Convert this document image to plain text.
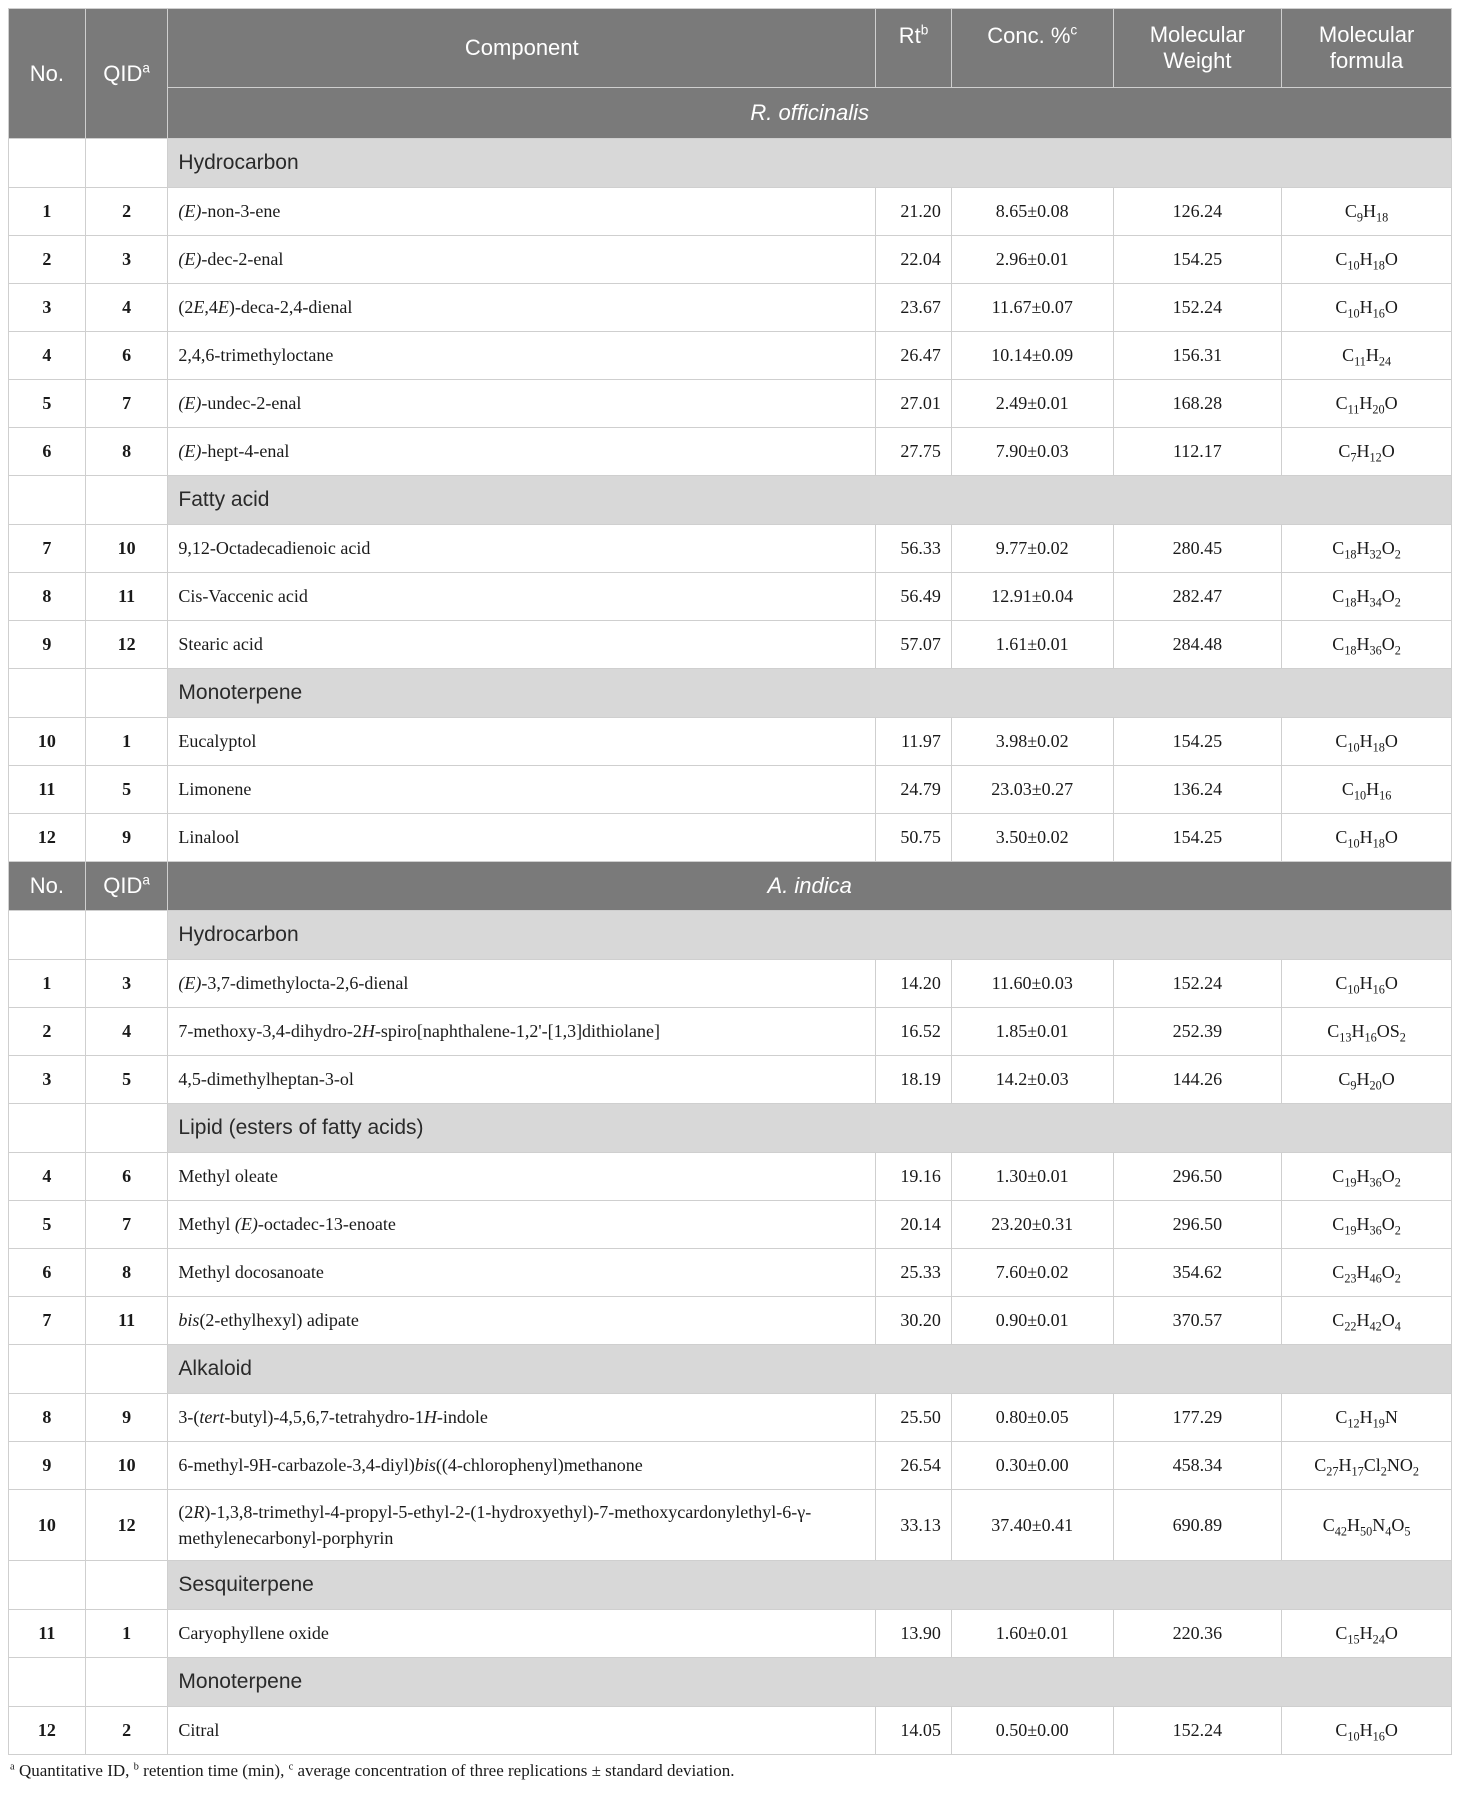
No.	QID$^a$	Component	Rt$^b$	Conc. %$^c$	Molecular Weight	Molecular formula
		R. officinalis				
		Hydrocarbon				
1	2	(E)-non-3-ene	21.20	8.65±0.08	126.24	$C_9H_{18}$
2	3	(E)-dec-2-enal	22.04	2.96±0.01	154.25	$C_{10}H_{18}O$
3	4	(2E,4E)-deca-2,4-dienal	23.67	11.67±0.07	152.24	$C_{10}H_{16}O$
4	6	2,4,6-trimethyloctane	26.47	10.14±0.09	156.31	$C_{11}H_{24}$
5	7	(E)-undec-2-enal	27.01	2.49±0.01	168.28	$C_{11}H_{20}O$
6	8	(E)-hept-4-enal	27.75	7.90±0.03	112.17	$C_7H_{12}O$
		Fatty acid				
7	10	9,12-Octadecadienoic acid	56.33	9.77±0.02	280.45	$C_{18}H_{32}O_2$
8	11	Cis-Vaccenic acid	56.49	12.91±0.04	282.47	$C_{18}H_{34}O_2$
9	12	Stearic acid	57.07	1.61±0.01	284.48	$C_{18}H_{36}O_2$
		Monoterpene				
10	1	Eucalyptol	11.97	3.98±0.02	154.25	$C_{10}H_{18}O$
11	5	Limonene	24.79	23.03±0.27	136.24	$C_{10}H_{16}$
12	9	Linalool	50.75	3.50±0.02	154.25	$C_{10}H_{18}O$
No.	QID$^a$	A. indica				
		Hydrocarbon				
1	3	(E)-3,7-dimethylocta-2,6-dienal	14.20	11.60±0.03	152.24	$C_{10}H_{16}O$
2	4	7-methoxy-3,4-dihydro-2H-spiro[naphthalene-1,2'-[1,3]dithiolane]	16.52	1.85±0.01	252.39	$C_{13}H_{16}OS_2$
3	5	4,5-dimethylheptan-3-ol	18.19	14.2±0.03	144.26	$C_9H_{20}O$
		Lipid (esters of fatty acids)				
4	6	Methyl oleate	19.16	1.30±0.01	296.50	$C_{19}H_{36}O_2$
5	7	Methyl (E)-octadec-13-enoate	20.14	23.20±0.31	296.50	$C_{19}H_{36}O_2$
6	8	Methyl docosanoate	25.33	7.60±0.02	354.62	$C_{23}H_{46}O_2$
7	11	bis(2-ethylhexyl) adipate	30.20	0.90±0.01	370.57	$C_{22}H_{42}O_4$
		Alkaloid				
8	9	3-(tert-butyl)-4,5,6,7-tetrahydro-1H-indole	25.50	0.80±0.05	177.29	$C_{12}H_{19}N$
9	10	6-methyl-9H-carbazole-3,4-diyl)bis((4-chlorophenyl)methanone	26.54	0.30±0.00	458.34	$C_{27}H_{17}Cl_2NO_2$
10	12	(2R)-1,3,8-trimethyl-4-propyl-5-ethyl-2-(1-hydroxyethyl)-7-methoxycardonylethyl-6-γ-methylenecarbonyl-porphyrin	33.13	37.40±0.41	690.89	$C_{42}H_{50}N_4O_5$
		Sesquiterpene				
11	1	Caryophyllene oxide	13.90	1.60±0.01	220.36	$C_{15}H_{24}O$
		Monoterpene				
12	2	Citral	14.05	0.50±0.00	152.24	$C_{10}H_{16}O$
$^a$ Quantitative ID, $^b$ retention time (min), $^c$ average concentration of three replications ± standard deviation.
